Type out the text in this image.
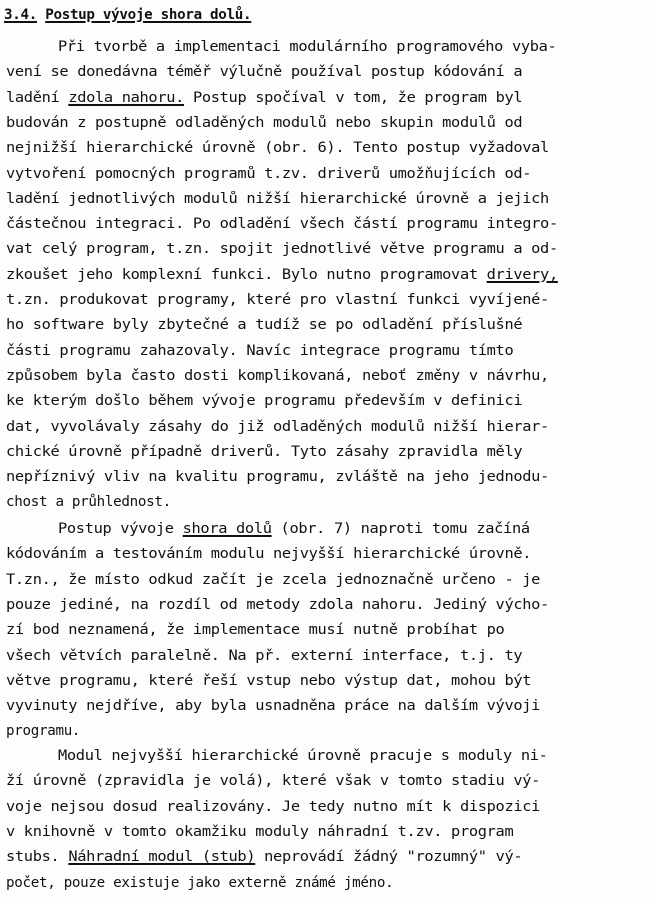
3.4. Postup vývoje shora dolů.
Při tvorbě a implementaci modulárního programového vyba-
vení se donedávna téměř výlučně používal postup kódování a
ladění zdola nahoru. Postup spočíval v tom, že program byl
budován z postupně odladěných modulů nebo skupin modulů od
nejnižší hierarchické úrovně (obr. 6). Tento postup vyžadoval
vytvoření pomocných programů t.zv. driverů umožňujících od-
ladění jednotlivých modulů nižší hierarchické úrovně a jejich
částečnou integraci. Po odladění všech částí programu integro-
vat celý program, t.zn. spojit jednotlivé větve programu a od-
zkoušet jeho komplexní funkci. Bylo nutno programovat drivery,
t.zn. produkovat programy, které pro vlastní funkci vyvíjené-
ho software byly zbytečné a tudíž se po odladění příslušné
části programu zahazovaly. Navíc integrace programu tímto
způsobem byla často dosti komplikovaná, neboť změny v návrhu,
ke kterým došlo během vývoje programu především v definici
dat, vyvolávaly zásahy do již odladěných modulů nižší hierar-
chické úrovně případně driverů. Tyto zásahy zpravidla měly
nepříznivý vliv na kvalitu programu, zvláště na jeho jednodu-
chost a průhlednost.
Postup vývoje shora dolů (obr. 7) naproti tomu začíná
kódováním a testováním modulu nejvyšší hierarchické úrovně.
T.zn., že místo odkud začít je zcela jednoznačně určeno - je
pouze jediné, na rozdíl od metody zdola nahoru. Jediný výcho-
zí bod neznamená, že implementace musí nutně probíhat po
všech větvích paralelně. Na př. externí interface, t.j. ty
větve programu, které řeší vstup nebo výstup dat, mohou být
vyvinuty nejdříve, aby byla usnadněna práce na dalším vývoji
programu.
Modul nejvyšší hierarchické úrovně pracuje s moduly ni-
ží úrovně (zpravidla je volá), které však v tomto stadiu vý-
voje nejsou dosud realizovány. Je tedy nutno mít k dispozici
v knihovně v tomto okamžiku moduly náhradní t.zv. program
stubs. Náhradní modul (stub) neprovádí žádný "rozumný" vý-
počet, pouze existuje jako externě známé jméno.
